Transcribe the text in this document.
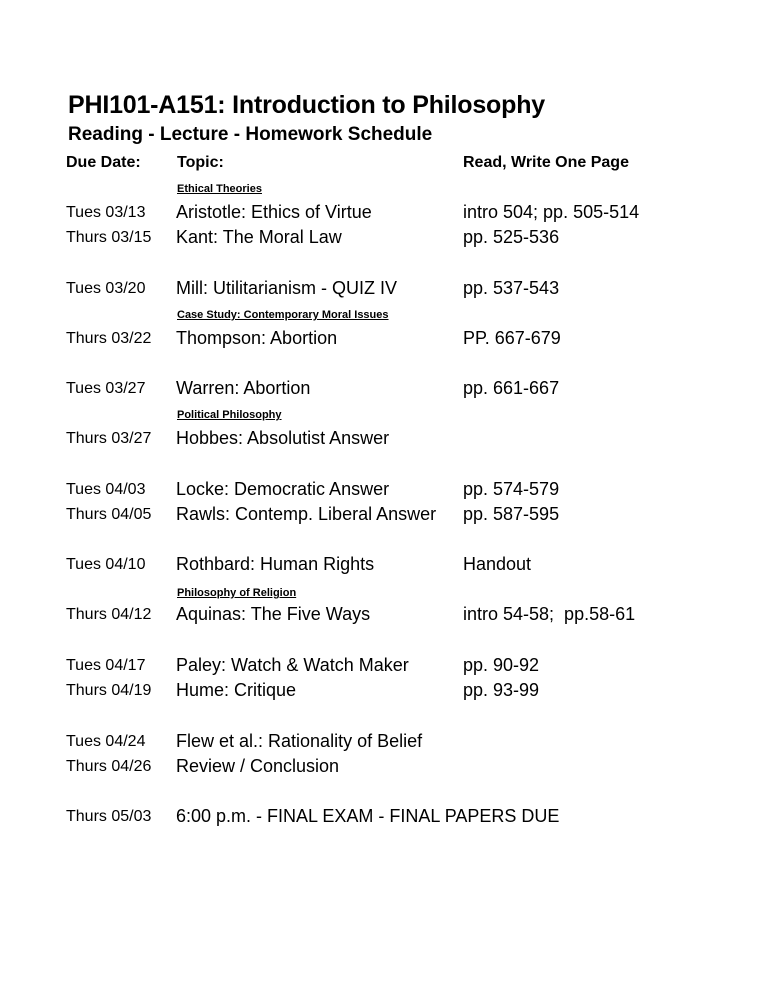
PHI101-A151: Introduction to Philosophy
Reading - Lecture - Homework Schedule
Due Date: Topic:	Read, Write One Page
Ethical Theories
Case Study: Contemporary Moral Issues
Political Philosophy
Philosophy of Religion
Tues 03/13 Aristotle: Ethics of Virtue	intro 504; pp. 505-514
Thurs 03/15 Kant: The Moral Law	pp. 525-536
Tues 03/20 Mill: Utilitarianism - QUIZ IV	pp. 537-543
Thurs 03/22 Thompson: Abortion	PP. 667-679
Tues 03/27 Warren: Abortion	pp. 661-667
Thurs 03/27 Hobbes: Absolutist Answer
Tues 04/03 Locke: Democratic Answer	pp. 574-579
Thurs 04/05 Rawls: Contemp. Liberal Answer pp. 587-595
Tues 04/10 Rothbard: Human Rights	Handout
Thurs 04/12 Aquinas: The Five Ways	intro 54-58;  pp.58-61
Tues 04/17 Paley: Watch & Watch Maker	pp. 90-92
Thurs 04/19 Hume: Critique	pp. 93-99
Tues 04/24 Flew et al.: Rationality of Belief
Thurs 04/26 Review / Conclusion
Thurs 05/03 6:00 p.m. - FINAL EXAM - FINAL PAPERS DUE
